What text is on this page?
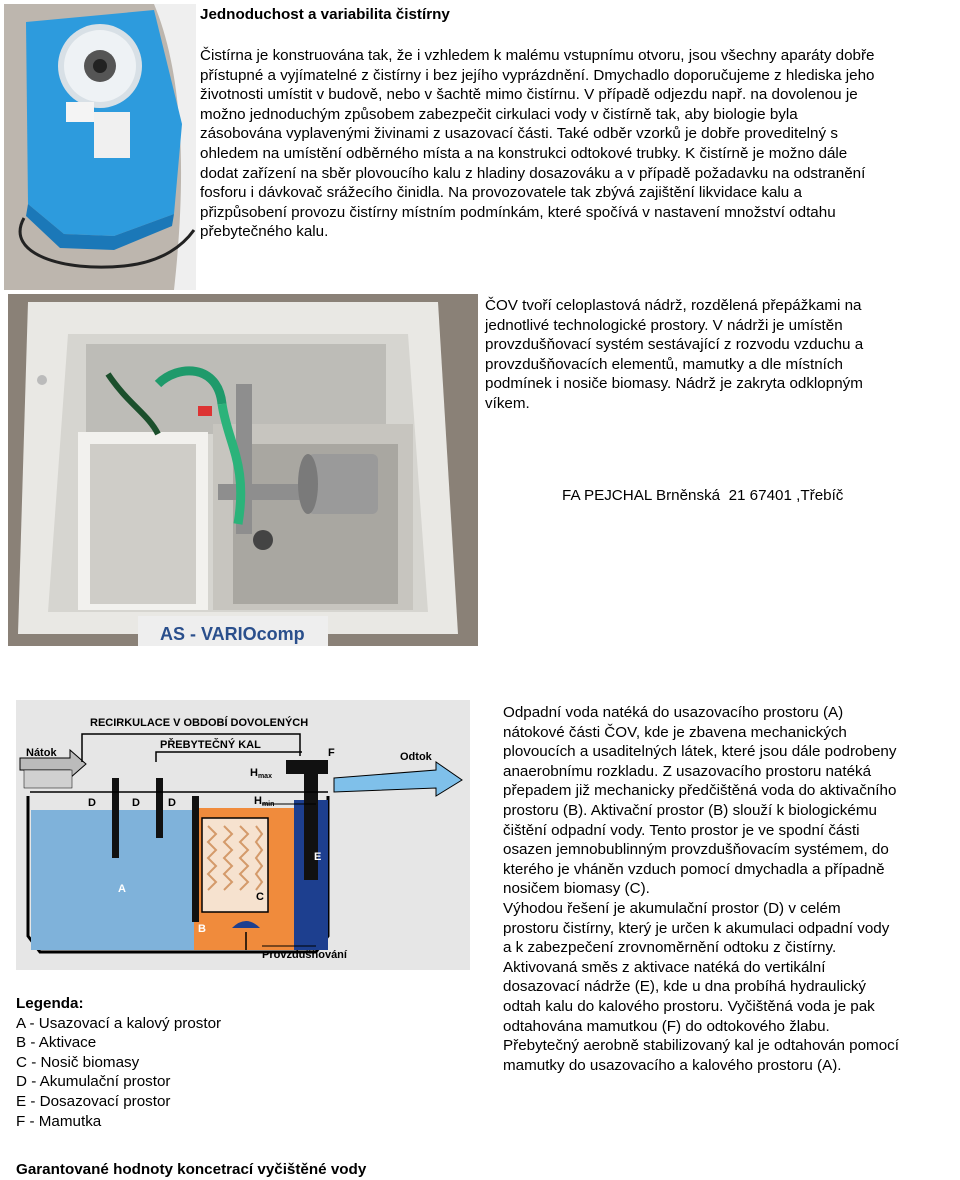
Jednoduchost a variabilita čistírny
Čistírna je konstruována tak, že i vzhledem k malému vstupnímu otvoru, jsou všechny aparáty dobře
přístupné a vyjímatelné z čistírny i bez jejího vyprázdnění. Dmychadlo doporučujeme z hlediska jeho
životnosti umístit v budově, nebo v šachtě mimo čistírnu. V případě odjezdu např. na dovolenou je
možno jednoduchým způsobem zabezpečit cirkulaci vody v čistírně tak, aby biologie byla
zásobována vyplavenými živinami z usazovací části. Také odběr vzorků je dobře proveditelný s
ohledem na umístění odběrného místa a na konstrukci odtokové trubky. K čistírně je možno dále
dodat zařízení na sběr plovoucího kalu z hladiny dosazováku a v případě požadavku na odstranění
fosforu i dávkovač srážecího činidla. Na provozovatele tak zbývá zajištění likvidace kalu a
přizpůsobení provozu čistírny místním podmínkám, které spočívá v nastavení množství odtahu
přebytečného kalu.
AS - VARIOcomp
ČOV tvoří celoplastová nádrž, rozdělená přepážkami na
jednotlivé technologické prostory. V nádrži je umístěn
provzdušňovací systém sestávající z rozvodu vzduchu a
provzdušňovacích elementů, mamutky a dle místních
podmínek i nosiče biomasy. Nádrž je zakryta odklopným
víkem.
FA PEJCHAL Brněnská  21 67401 ,Třebíč
RECIRKULACE V OBDOBÍ DOVOLENÝCH
PŘEBYTEČNÝ KAL
Nátok	Odtok
Provzdušňování
Hmax
Hmin
A
B
C
D	D	D
E
F
Legenda:
A - Usazovací a kalový prostor
B - Aktivace
C - Nosič biomasy
D - Akumulační prostor
E - Dosazovací prostor
F - Mamutka
Odpadní voda natéká do usazovacího prostoru (A)
nátokové části ČOV, kde je zbavena mechanických
plovoucích a usaditelných látek, které jsou dále podrobeny
anaerobnímu rozkladu. Z usazovacího prostoru natéká
přepadem již mechanicky předčištěná voda do aktivačního
prostoru (B). Aktivační prostor (B) slouží k biologickému
čištění odpadní vody. Tento prostor je ve spodní části
osazen jemnobublinným provzdušňovacím systémem, do
kterého je vháněn vzduch pomocí dmychadla a případně
nosičem biomasy (C).
Výhodou řešení je akumulační prostor (D) v celém
prostoru čistírny, který je určen k akumulaci odpadní vody
a k zabezpečení zrovnoměrnění odtoku z čistírny.
Aktivovaná směs z aktivace natéká do vertikální
dosazovací nádrže (E), kde u dna probíhá hydraulický
odtah kalu do kalového prostoru. Vyčištěná voda je pak
odtahována mamutkou (F) do odtokového žlabu.
Přebytečný aerobně stabilizovaný kal je odtahován pomocí
mamutky do usazovacího a kalového prostoru (A).
Garantované hodnoty koncetrací vyčištěné vody
